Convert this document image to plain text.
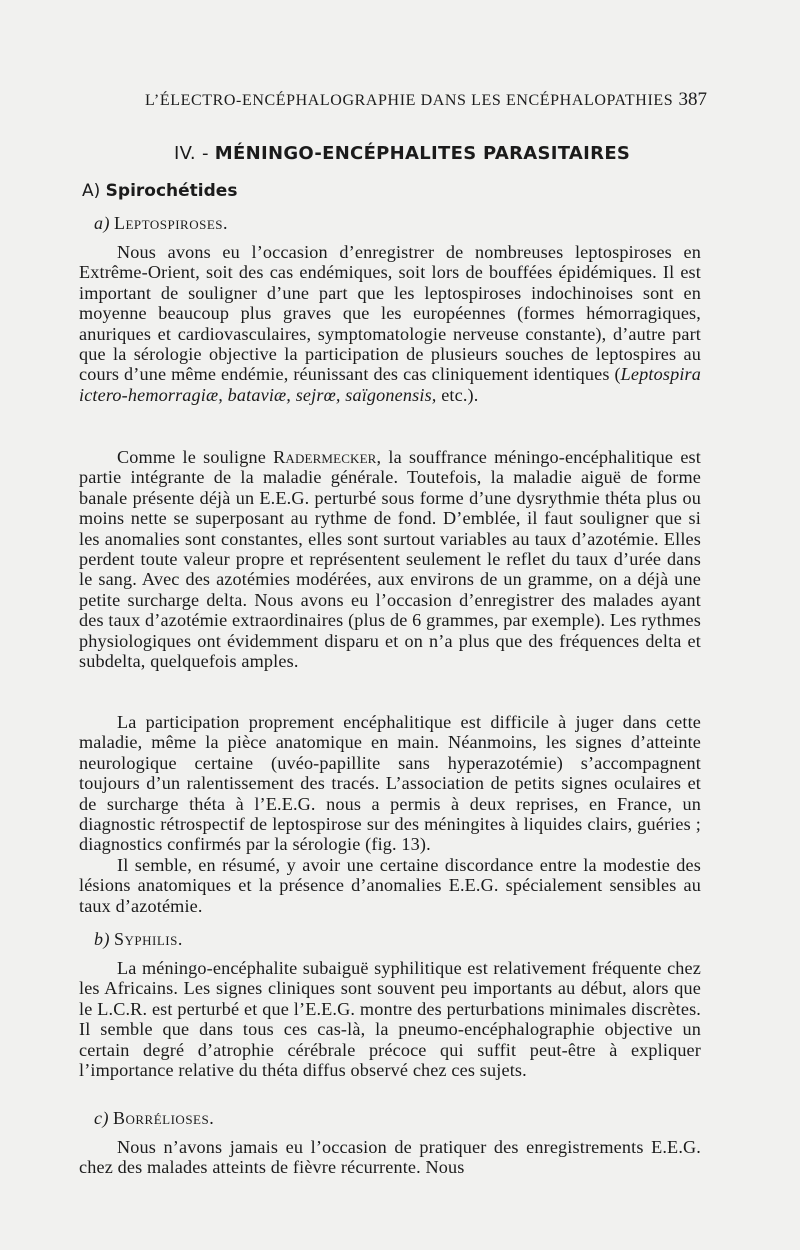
L’ÉLECTRO-ENCÉPHALOGRAPHIE DANS LES ENCÉPHALOPATHIES 387
IV. - MÉNINGO-ENCÉPHALITES PARASITAIRES
A) Spirochétides
a) Leptospiroses.

Nous avons eu l’occasion d’enregistrer de nombreuses leptospiroses en Extrême-Orient, soit des cas endémiques, soit lors de bouffées épidémiques. Il est important de souligner d’une part que les leptospiroses indochinoises sont en moyenne beaucoup plus graves que les européennes (formes hémorragiques, anuriques et cardiovasculaires, symptomatologie nerveuse constante), d’autre part que la sérologie objective la participation de plusieurs souches de leptospires au cours d’une même endémie, réunissant des cas cliniquement identiques (Leptospira ictero-hemorragiæ, bataviæ, sejrœ, saïgonensis, etc.).

Comme le souligne Radermecker, la souffrance méningo-encéphalitique est partie intégrante de la maladie générale. Toutefois, la maladie aiguë de forme banale présente déjà un E.E.G. perturbé sous forme d’une dysrythmie théta plus ou moins nette se superposant au rythme de fond. D’emblée, il faut souligner que si les anomalies sont constantes, elles sont surtout variables au taux d’azotémie. Elles perdent toute valeur propre et représentent seulement le reflet du taux d’urée dans le sang. Avec des azotémies modérées, aux environs de un gramme, on a déjà une petite surcharge delta. Nous avons eu l’occasion d’enregistrer des malades ayant des taux d’azotémie extraordinaires (plus de 6 grammes, par exemple). Les rythmes physiologiques ont évidemment disparu et on n’a plus que des fréquences delta et subdelta, quelquefois amples.

La participation proprement encéphalitique est difficile à juger dans cette maladie, même la pièce anatomique en main. Néanmoins, les signes d’atteinte neurologique certaine (uvéo-papillite sans hyperazotémie) s’accompagnent toujours d’un ralentissement des tracés. L’association de petits signes oculaires et de surcharge théta à l’E.E.G. nous a permis à deux reprises, en France, un diagnostic rétrospectif de leptospirose sur des méningites à liquides clairs, guéries ; diagnostics confirmés par la sérologie (fig. 13).

Il semble, en résumé, y avoir une certaine discordance entre la modestie des lésions anatomiques et la présence d’anomalies E.E.G. spécialement sensibles au taux d’azotémie.

b) Syphilis.

La méningo-encéphalite subaiguë syphilitique est relativement fréquente chez les Africains. Les signes cliniques sont souvent peu importants au début, alors que le L.C.R. est perturbé et que l’E.E.G. montre des perturbations minimales discrètes. Il semble que dans tous ces cas-là, la pneumo-encéphalographie objective un certain degré d’atrophie cérébrale précoce qui suffit peut-être à expliquer l’importance relative du théta diffus observé chez ces sujets.

c) Borrélioses.

Nous n’avons jamais eu l’occasion de pratiquer des enregistrements E.E.G. chez des malades atteints de fièvre récurrente. Nous
